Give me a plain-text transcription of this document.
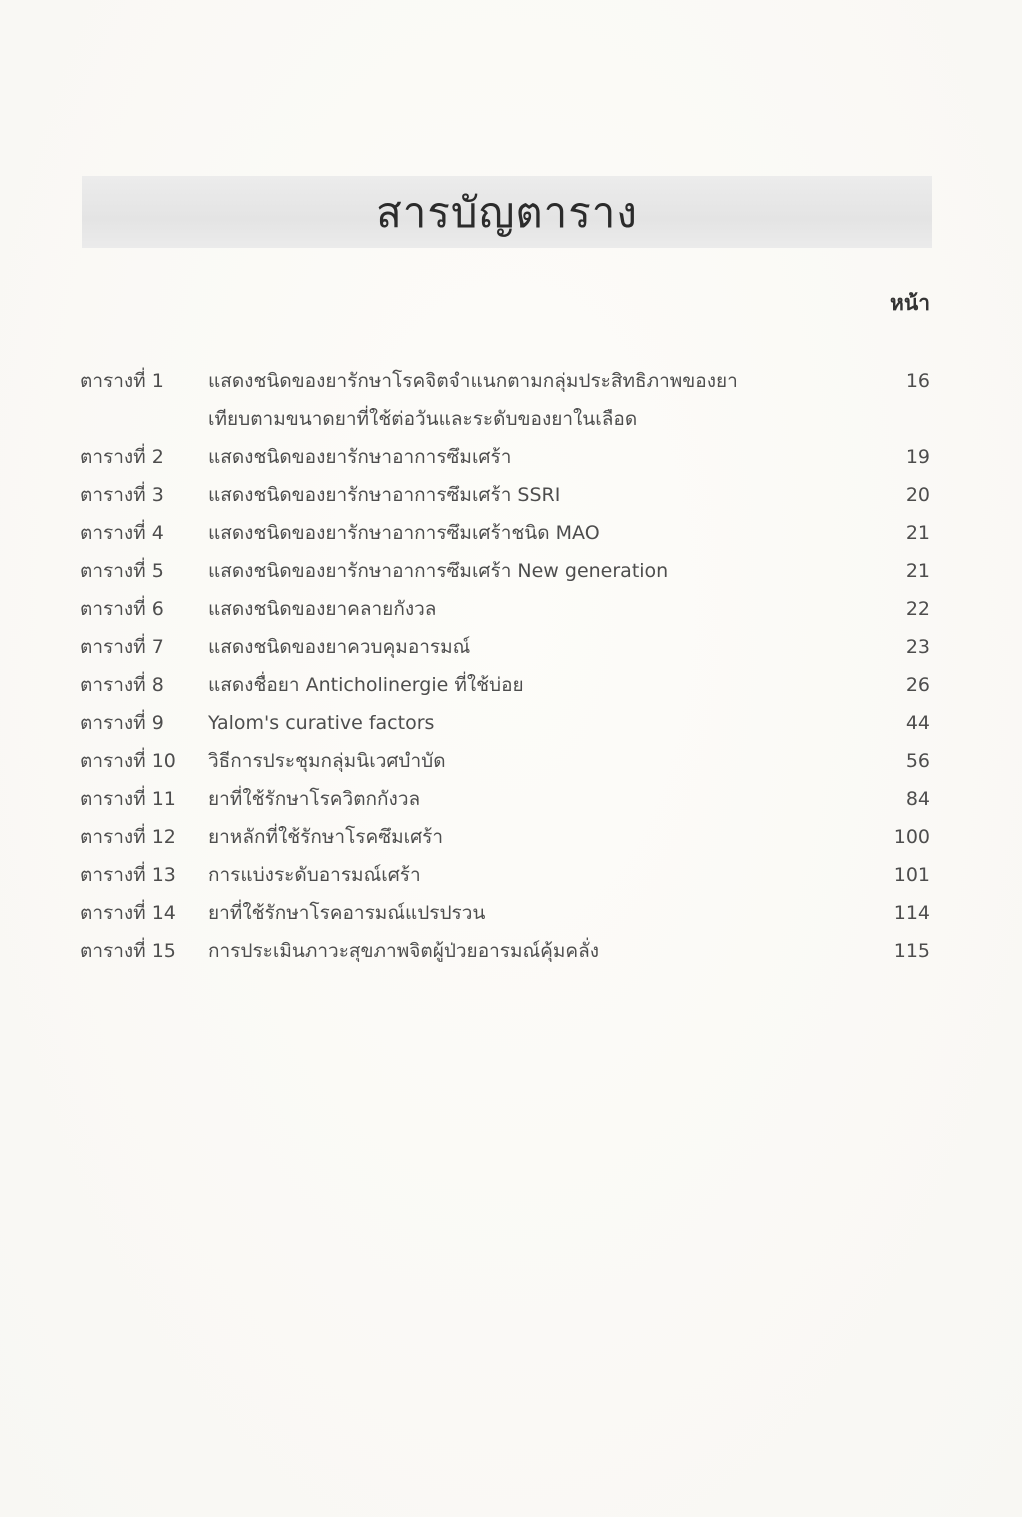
สารบัญตาราง
หน้า
ตารางที่ 1	แสดงชนิดของยารักษาโรคจิตจำแนกตามกลุ่มประสิทธิภาพของยา
เทียบตามขนาดยาที่ใช้ต่อวันและระดับของยาในเลือด
16
ตารางที่ 2	แสดงชนิดของยารักษาอาการซึมเศร้า	19
ตารางที่ 3	แสดงชนิดของยารักษาอาการซึมเศร้า SSRI	20
ตารางที่ 4	แสดงชนิดของยารักษาอาการซึมเศร้าชนิด MAO	21
ตารางที่ 5	แสดงชนิดของยารักษาอาการซึมเศร้า New generation	21
ตารางที่ 6	แสดงชนิดของยาคลายกังวล	22
ตารางที่ 7	แสดงชนิดของยาควบคุมอารมณ์	23
ตารางที่ 8	แสดงชื่อยา Anticholinergie ที่ใช้บ่อย	26
ตารางที่ 9	Yalom's curative factors	44
ตารางที่ 10	วิธีการประชุมกลุ่มนิเวศบำบัด	56
ตารางที่ 11	ยาที่ใช้รักษาโรควิตกกังวล	84
ตารางที่ 12	ยาหลักที่ใช้รักษาโรคซึมเศร้า	100
ตารางที่ 13	การแบ่งระดับอารมณ์เศร้า	101
ตารางที่ 14	ยาที่ใช้รักษาโรคอารมณ์แปรปรวน	114
ตารางที่ 15	การประเมินภาวะสุขภาพจิตผู้ป่วยอารมณ์คุ้มคลั่ง	115
